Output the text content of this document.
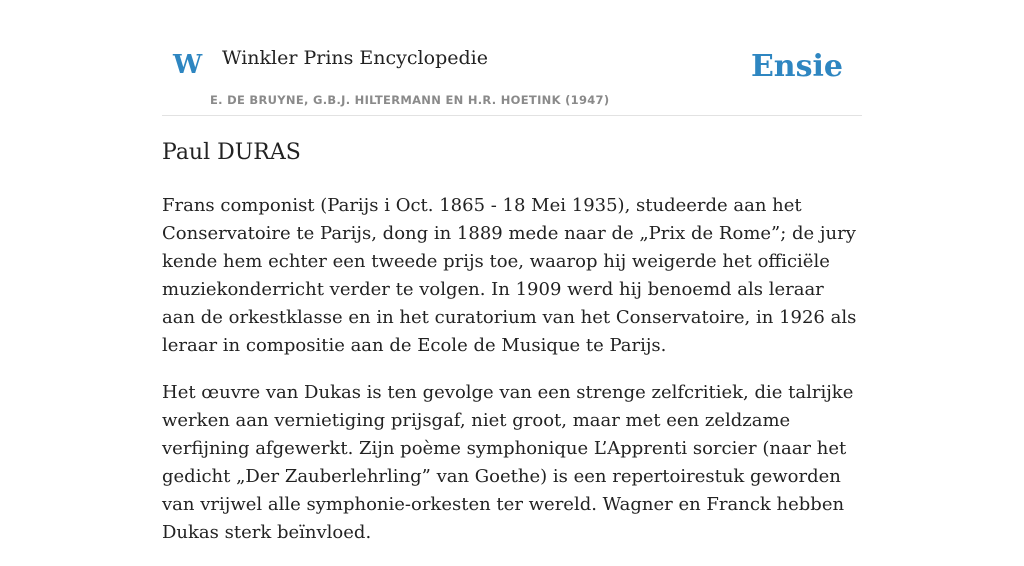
W Winkler Prins Encyclopedie
E. DE BRUYNE, G.B.J. HILTERMANN EN H.R. HOETINK (1947)
Ensie
Paul DURAS

Frans componist (Parijs i Oct. 1865 - 18 Mei 1935), studeerde aan het Conservatoire te Parijs, dong in 1889 mede naar de „Prix de Rome”; de jury kende hem echter een tweede prijs toe, waarop hij weigerde het officiële muziekonderricht verder te volgen. In 1909 werd hij benoemd als leraar aan de orkestklasse en in het curatorium van het Conservatoire, in 1926 als leraar in compositie aan de Ecole de Musique te Parijs.

Het œuvre van Dukas is ten gevolge van een strenge zelfcritiek, die talrijke werken aan vernietiging prijsgaf, niet groot, maar met een zeldzame verfijning afgewerkt. Zijn poème symphonique L’Apprenti sorcier (naar het gedicht „Der Zauberlehrling” van Goethe) is een repertoirestuk geworden van vrijwel alle symphonie-orkesten ter wereld. Wagner en Franck hebben Dukas sterk beïnvloed.
